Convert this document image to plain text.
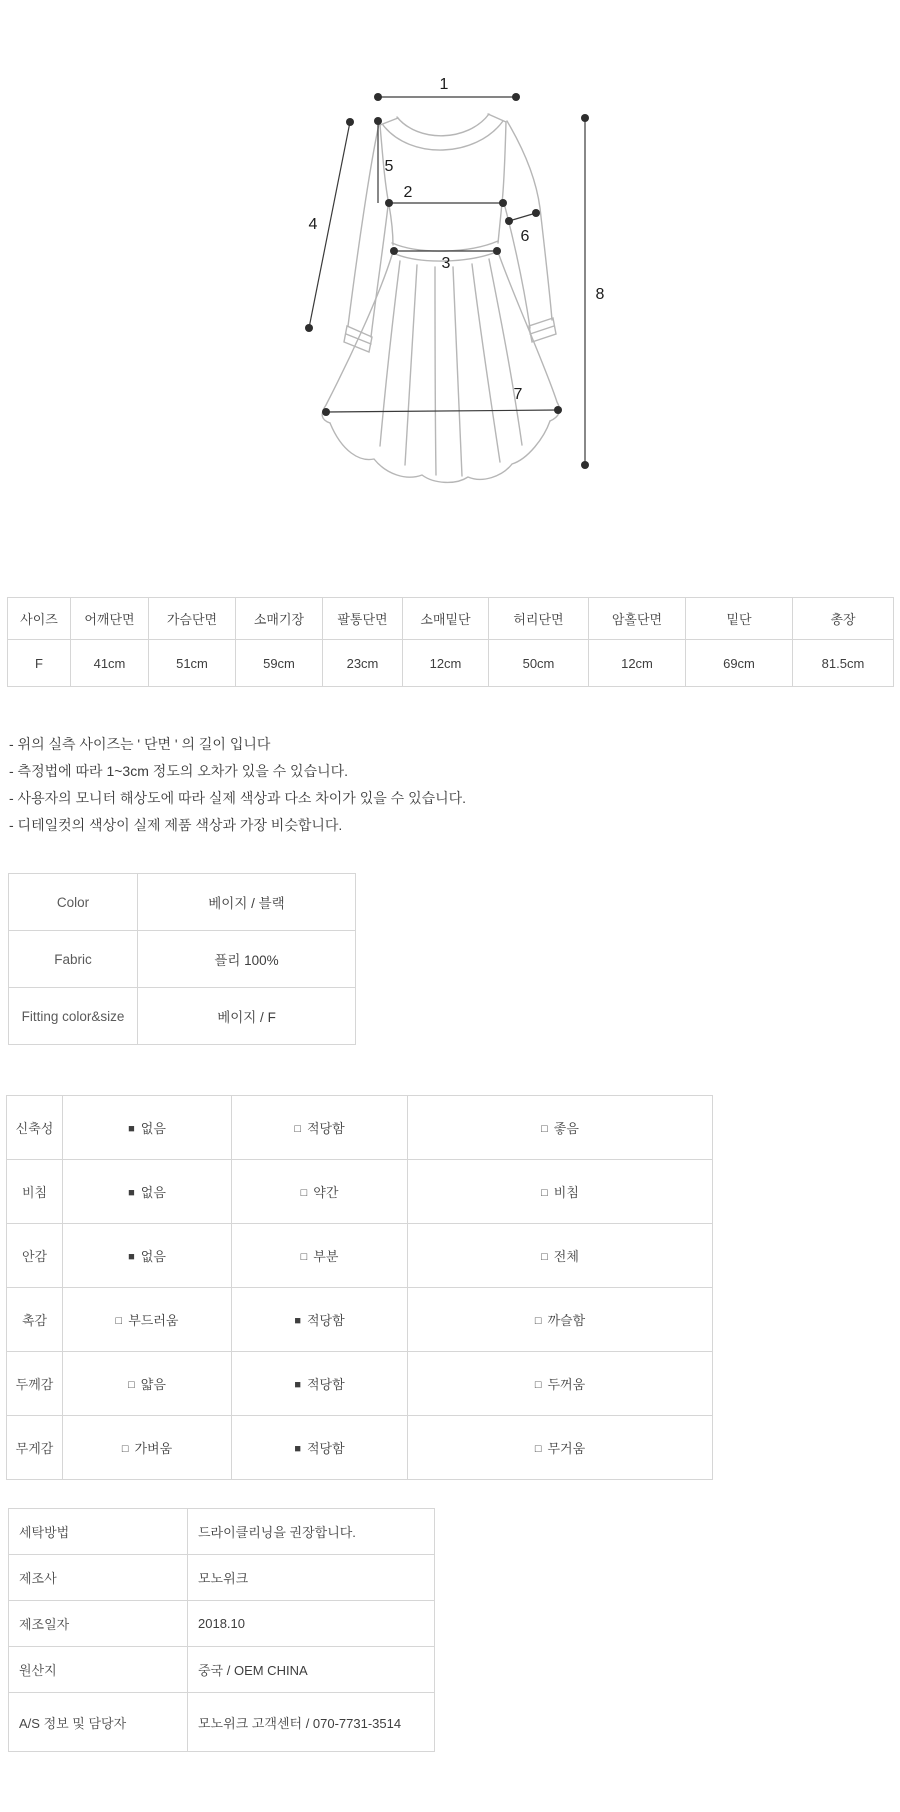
1
2
3
4
5
6
7
8
사이즈	어깨단면	가슴단면	소매기장	팔통단면	소매밑단	허리단면	암홀단면	밑단	총장
F	41cm	51cm	59cm	23cm	12cm	50cm	12cm	69cm	81.5cm
- 위의 실측 사이즈는 ' 단면 ' 의 길이 입니다
- 측정법에 따라 1~3cm 정도의 오차가 있을 수 있습니다.
- 사용자의 모니터 해상도에 따라 실제 색상과 다소 차이가 있을 수 있습니다.
- 디테일컷의 색상이 실제 제품 색상과 가장 비슷합니다.
Color	베이지 / 블랙
Fabric	플리 100%
Fitting color&size	베이지 / F
신축성	■ 없음	□ 적당함	□ 좋음
비침	■ 없음	□ 약간	□ 비침
안감	■ 없음	□ 부분	□ 전체
촉감	□ 부드러움	■ 적당함	□ 까슬함
두께감	□ 얇음	■ 적당함	□ 두꺼움
무게감	□ 가벼움	■ 적당함	□ 무거움
세탁방법	드라이클리닝을 권장합니다.
제조사	모노위크
제조일자	2018.10
원산지	중국 / OEM CHINA
A/S 정보 및 담당자	모노위크 고객센터 / 070-7731-3514
